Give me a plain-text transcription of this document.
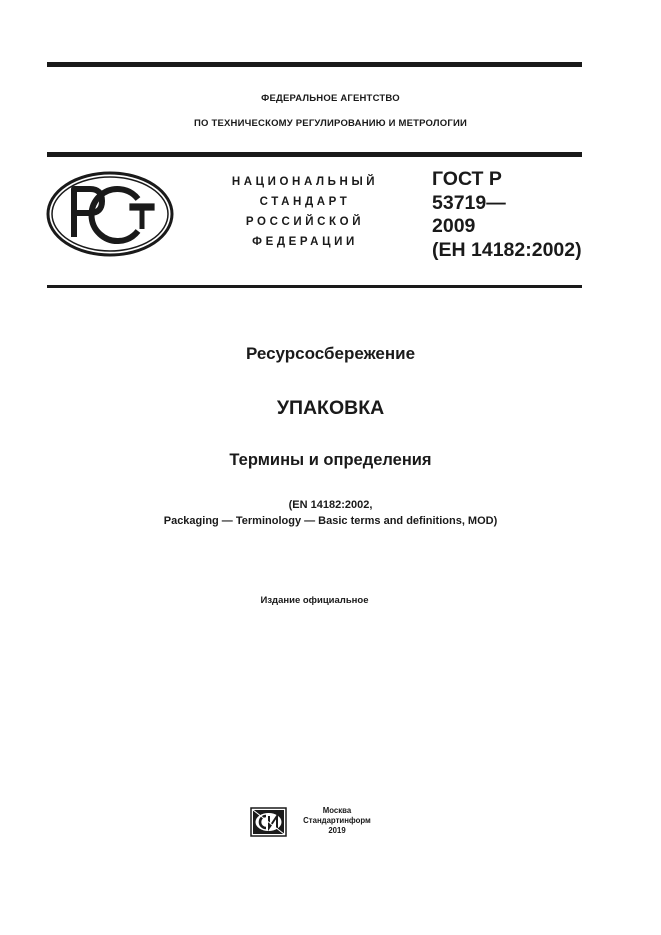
ФЕДЕРАЛЬНОЕ АГЕНТСТВО
ПО ТЕХНИЧЕСКОМУ РЕГУЛИРОВАНИЮ И МЕТРОЛОГИИ
НАЦИОНАЛЬНЫЙ
СТАНДАРТ
РОССИЙСКОЙ
ФЕДЕРАЦИИ
ГОСТ Р
53719—
2009
(ЕН 14182:2002)
Ресурсосбережение
УПАКОВКА
Термины и определения
(EN 14182:2002,
Packaging — Terminology — Basic terms and definitions, MOD)
Издание официальное
Москва
Стандартинформ
2019
